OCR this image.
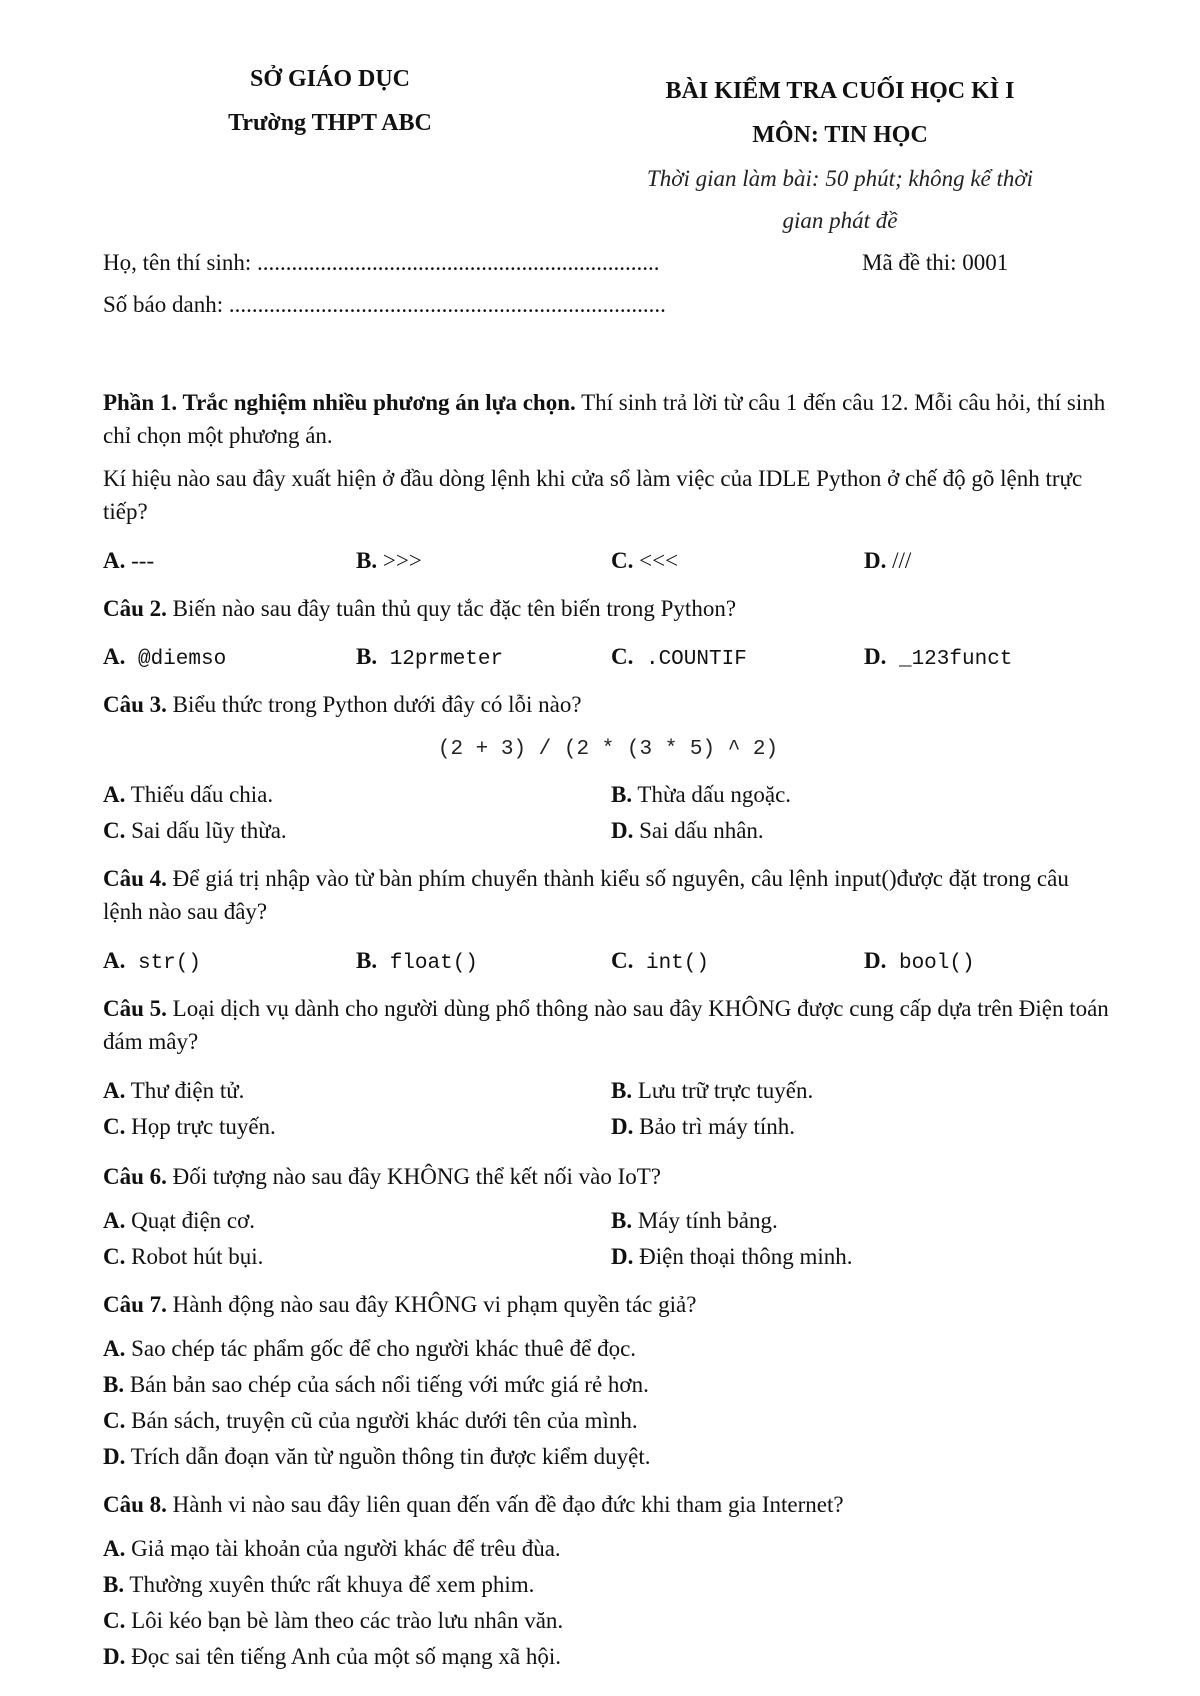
SỞ GIÁO DỤC
Trường THPT ABC
BÀI KIỂM TRA CUỐI HỌC KÌ I
MÔN: TIN HỌC
Thời gian làm bài: 50 phút; không kể thời
gian phát đề
Họ, tên thí sinh: ......................................................................	Mã đề thi: 0001
Số báo danh: ............................................................................
Phần 1. Trắc nghiệm nhiều phương án lựa chọn. Thí sinh trả lời từ câu 1 đến câu 12. Mỗi câu hỏi, thí sinh chỉ chọn một phương án.
Kí hiệu nào sau đây xuất hiện ở đầu dòng lệnh khi cửa sổ làm việc của IDLE Python ở chế độ gõ lệnh trực tiếp?
A. ---	B. >>>	C. <<<	D. ///
Câu 2. Biến nào sau đây tuân thủ quy tắc đặc tên biến trong Python?
A. @diemso	B. 12prmeter	C. .COUNTIF	D. _123funct
Câu 3. Biểu thức trong Python dưới đây có lỗi nào?
(2 + 3) / (2 * (3 * 5) ^ 2)
A. Thiếu dấu chia.	B. Thừa dấu ngoặc.
C. Sai dấu lũy thừa.	D. Sai dấu nhân.
Câu 4. Để giá trị nhập vào từ bàn phím chuyển thành kiểu số nguyên, câu lệnh input()được đặt trong câu lệnh nào sau đây?
A. str()	B. float()	C. int()	D. bool()
Câu 5. Loại dịch vụ dành cho người dùng phổ thông nào sau đây KHÔNG được cung cấp dựa trên Điện toán đám mây?
A. Thư điện tử.	B. Lưu trữ trực tuyến.
C. Họp trực tuyến.	D. Bảo trì máy tính.
Câu 6. Đối tượng nào sau đây KHÔNG thể kết nối vào IoT?
A. Quạt điện cơ.	B. Máy tính bảng.
C. Robot hút bụi.	D. Điện thoại thông minh.
Câu 7. Hành động nào sau đây KHÔNG vi phạm quyền tác giả?
A. Sao chép tác phẩm gốc để cho người khác thuê để đọc.
B. Bán bản sao chép của sách nổi tiếng với mức giá rẻ hơn.
C. Bán sách, truyện cũ của người khác dưới tên của mình.
D. Trích dẫn đoạn văn từ nguồn thông tin được kiểm duyệt.
Câu 8. Hành vi nào sau đây liên quan đến vấn đề đạo đức khi tham gia Internet?
A. Giả mạo tài khoản của người khác để trêu đùa.
B. Thường xuyên thức rất khuya để xem phim.
C. Lôi kéo bạn bè làm theo các trào lưu nhân văn.
D. Đọc sai tên tiếng Anh của một số mạng xã hội.
